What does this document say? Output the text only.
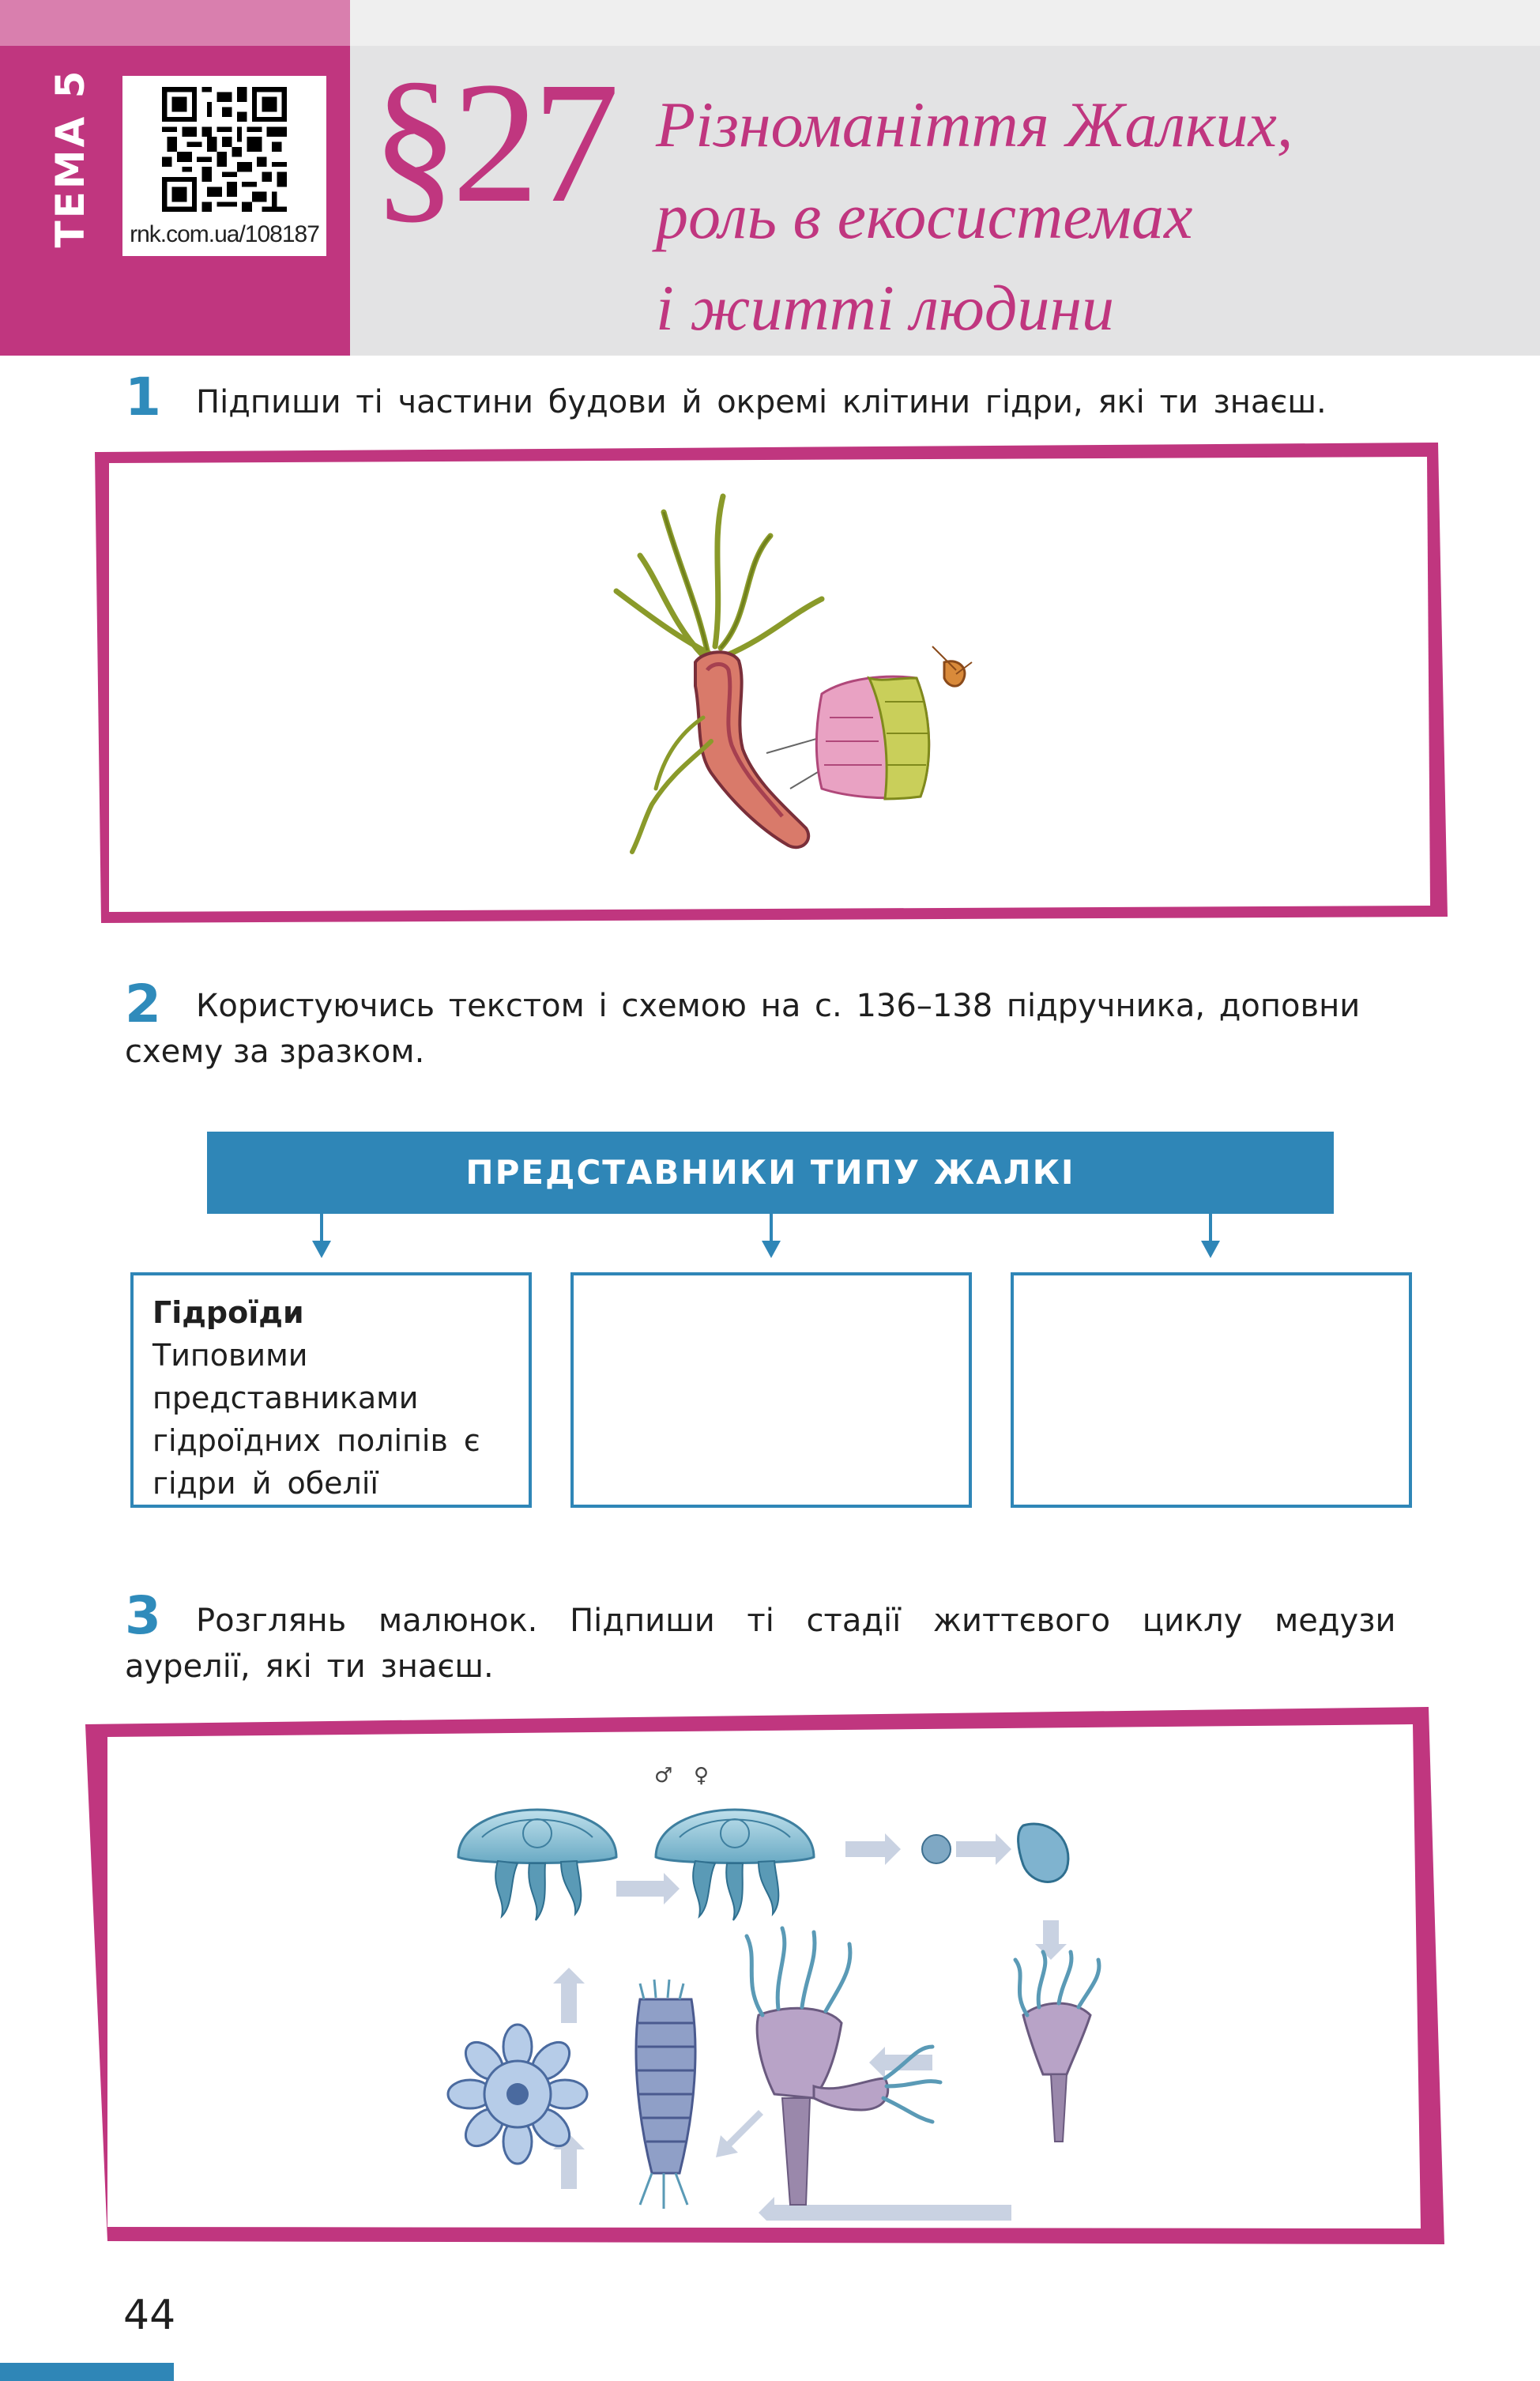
ТЕМА 5	rnk.com.ua/108187 §27 Різноманіття Жалких,
роль в екосистемах
і житті людини
1 Підпиши ті частини будови й окремі клітини гідри, які ти знаєш.
2 Користуючись текстом і схемою на с. 136–138 підручника, доповни
схему за зразком.
ПРЕДСТАВНИКИ ТИПУ ЖАЛКІ
Гідроїди
Типовими
представниками
гідроїдних поліпів є
гідри й обелії
3 Розглянь малюнок. Підпиши ті стадії життєвого циклу медузи
аурелії, які ти знаєш.
♂ ♀
44
